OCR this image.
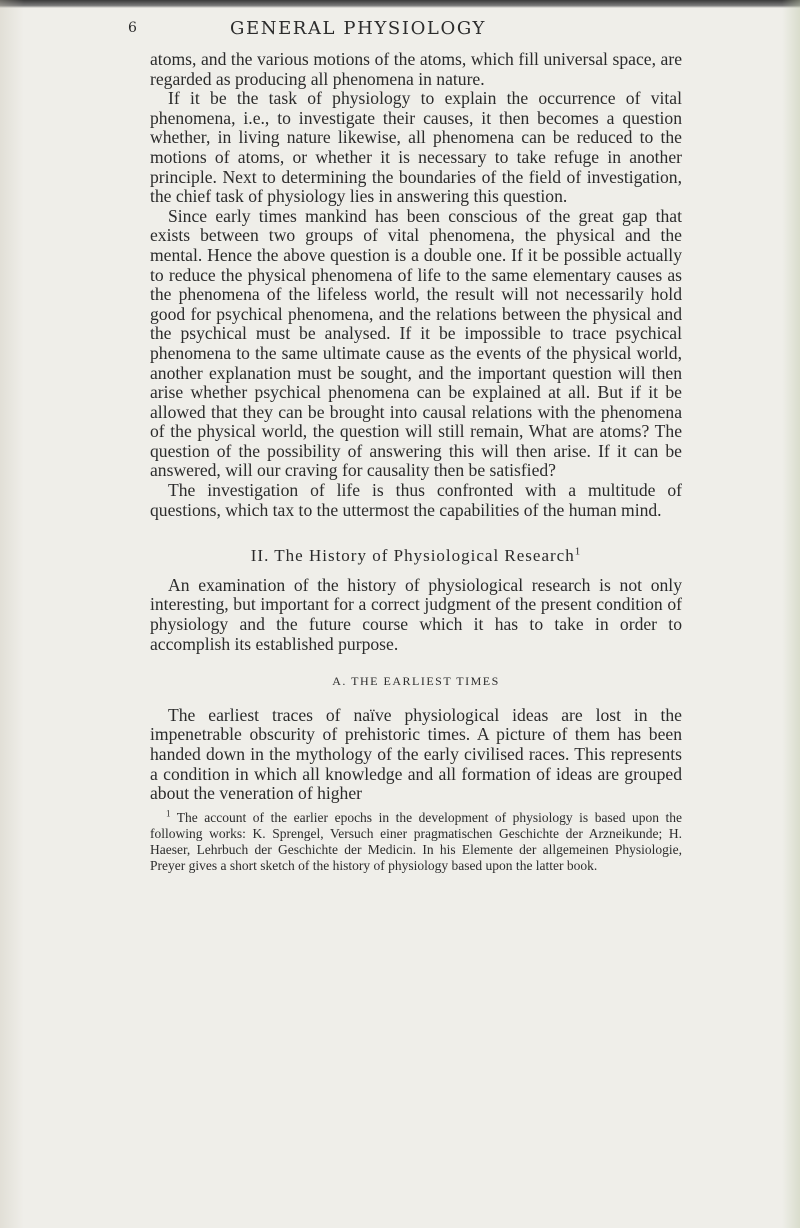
6	GENERAL PHYSIOLOGY

atoms, and the various motions of the atoms, which fill universal space, are regarded as producing all phenomena in nature.

If it be the task of physiology to explain the occurrence of vital phenomena, i.e., to investigate their causes, it then becomes a question whether, in living nature likewise, all phenomena can be reduced to the motions of atoms, or whether it is necessary to take refuge in another principle. Next to determining the boundaries of the field of investigation, the chief task of physiology lies in answering this question.

Since early times mankind has been conscious of the great gap that exists between two groups of vital phenomena, the physical and the mental. Hence the above question is a double one. If it be possible actually to reduce the physical phenomena of life to the same elementary causes as the phenomena of the lifeless world, the result will not necessarily hold good for psychical phenomena, and the relations between the physical and the psychical must be analysed. If it be impossible to trace psychical phenomena to the same ultimate cause as the events of the physical world, another explanation must be sought, and the important question will then arise whether psychical phenomena can be explained at all. But if it be allowed that they can be brought into causal relations with the phenomena of the physical world, the question will still remain, What are atoms? The question of the possibility of answering this will then arise. If it can be answered, will our craving for causality then be satisfied?

The investigation of life is thus confronted with a multitude of questions, which tax to the uttermost the capabilities of the human mind.

II. The History of Physiological Research$^1$

An examination of the history of physiological research is not only interesting, but important for a correct judgment of the present condition of physiology and the future course which it has to take in order to accomplish its established purpose.

A. THE EARLIEST TIMES

The earliest traces of naïve physiological ideas are lost in the impenetrable obscurity of prehistoric times. A picture of them has been handed down in the mythology of the early civilised races. This represents a condition in which all knowledge and all formation of ideas are grouped about the veneration of higher

$^1$ The account of the earlier epochs in the development of physiology is based upon the following works: K. Sprengel, Versuch einer pragmatischen Geschichte der Arzneikunde; H. Haeser, Lehrbuch der Geschichte der Medicin. In his Elemente der allgemeinen Physiologie, Preyer gives a short sketch of the history of physiology based upon the latter book.
